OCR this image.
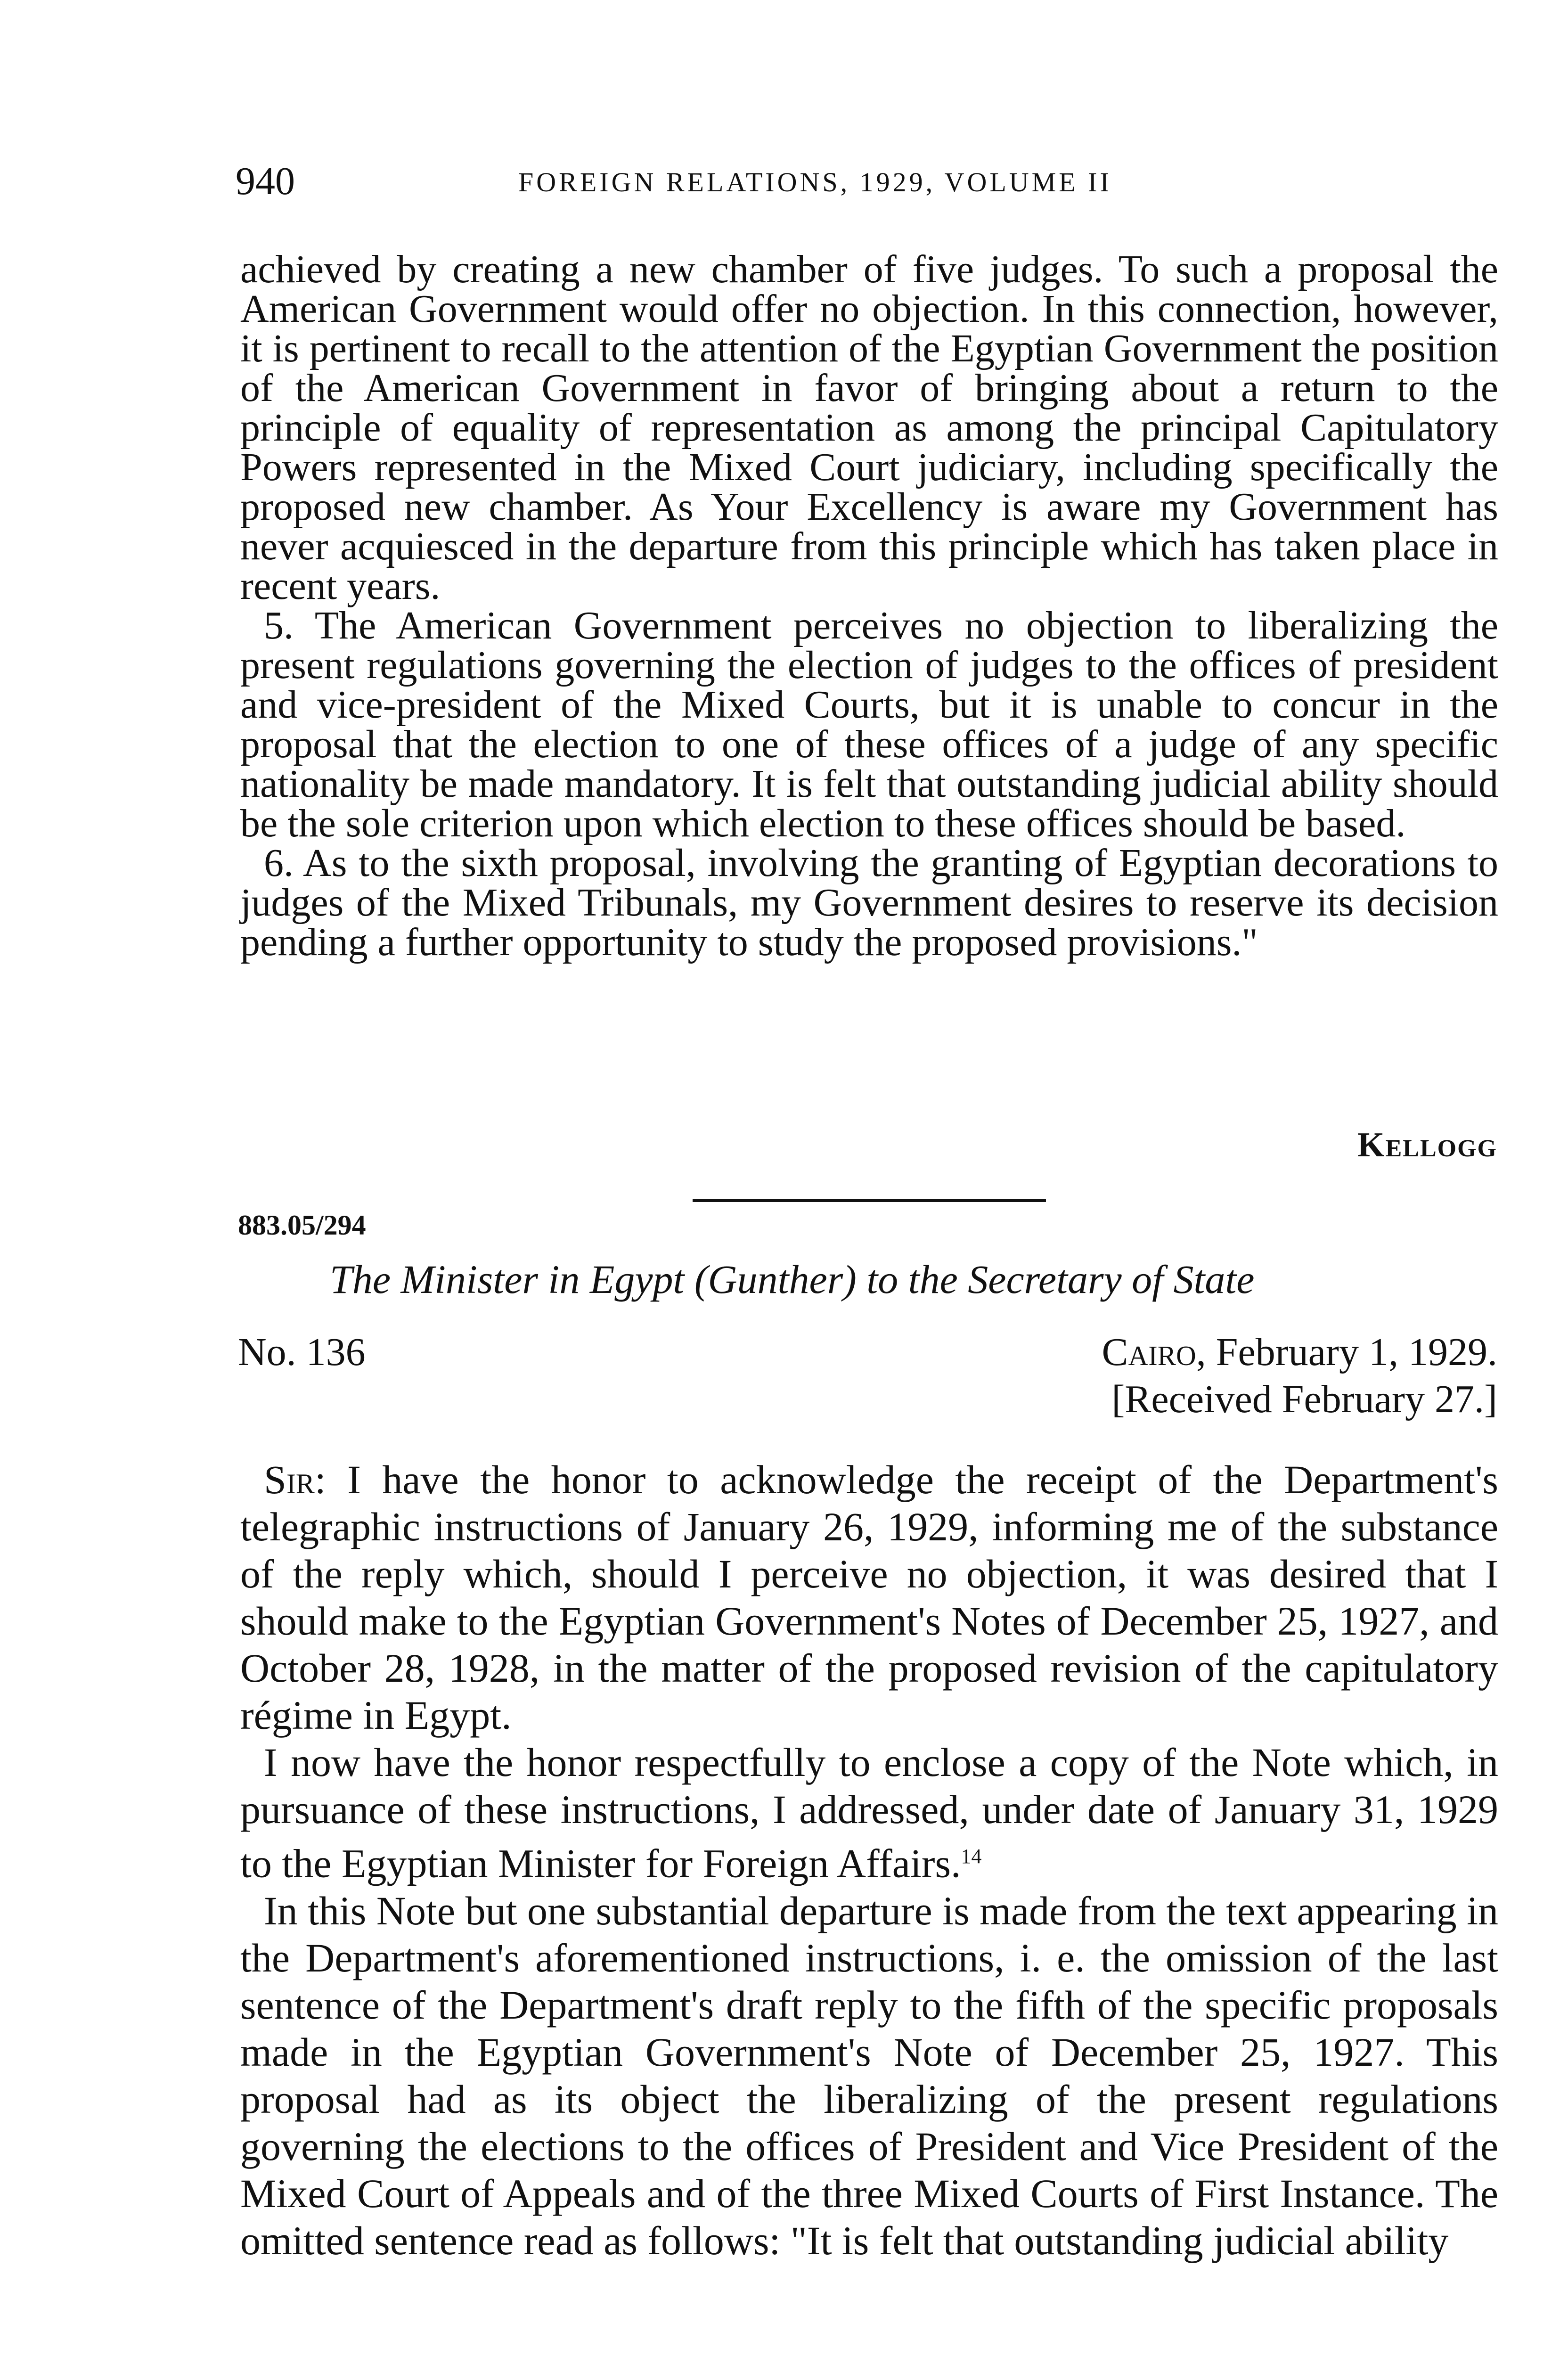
940	FOREIGN RELATIONS, 1929, VOLUME II

achieved by creating a new chamber of five judges. To such a proposal the American Government would offer no objection. In this connection, however, it is pertinent to recall to the attention of the Egyptian Government the position of the American Government in favor of bringing about a return to the principle of equality of representation as among the principal Capitulatory Powers represented in the Mixed Court judiciary, including specifically the proposed new chamber. As Your Excellency is aware my Government has never acquiesced in the departure from this principle which has taken place in recent years.

5. The American Government perceives no objection to liberalizing the present regulations governing the election of judges to the offices of president and vice-president of the Mixed Courts, but it is unable to concur in the proposal that the election to one of these offices of a judge of any specific nationality be made mandatory. It is felt that outstanding judicial ability should be the sole criterion upon which election to these offices should be based.

6. As to the sixth proposal, involving the granting of Egyptian decorations to judges of the Mixed Tribunals, my Government desires to reserve its decision pending a further opportunity to study the proposed provisions."

Kellogg
883.05/294
The Minister in Egypt (Gunther) to the Secretary of State
No. 136	Cairo, February 1, 1929.
[Received February 27.]

Sir: I have the honor to acknowledge the receipt of the Department's telegraphic instructions of January 26, 1929, informing me of the substance of the reply which, should I perceive no objection, it was desired that I should make to the Egyptian Government's Notes of December 25, 1927, and October 28, 1928, in the matter of the proposed revision of the capitulatory régime in Egypt.

I now have the honor respectfully to enclose a copy of the Note which, in pursuance of these instructions, I addressed, under date of January 31, 1929 to the Egyptian Minister for Foreign Affairs.$^{14}$

In this Note but one substantial departure is made from the text appearing in the Department's aforementioned instructions, i. e. the omission of the last sentence of the Department's draft reply to the fifth of the specific proposals made in the Egyptian Government's Note of December 25, 1927. This proposal had as its object the liberalizing of the present regulations governing the elections to the offices of President and Vice President of the Mixed Court of Appeals and of the three Mixed Courts of First Instance. The omitted sentence read as follows: "It is felt that outstanding judicial ability
